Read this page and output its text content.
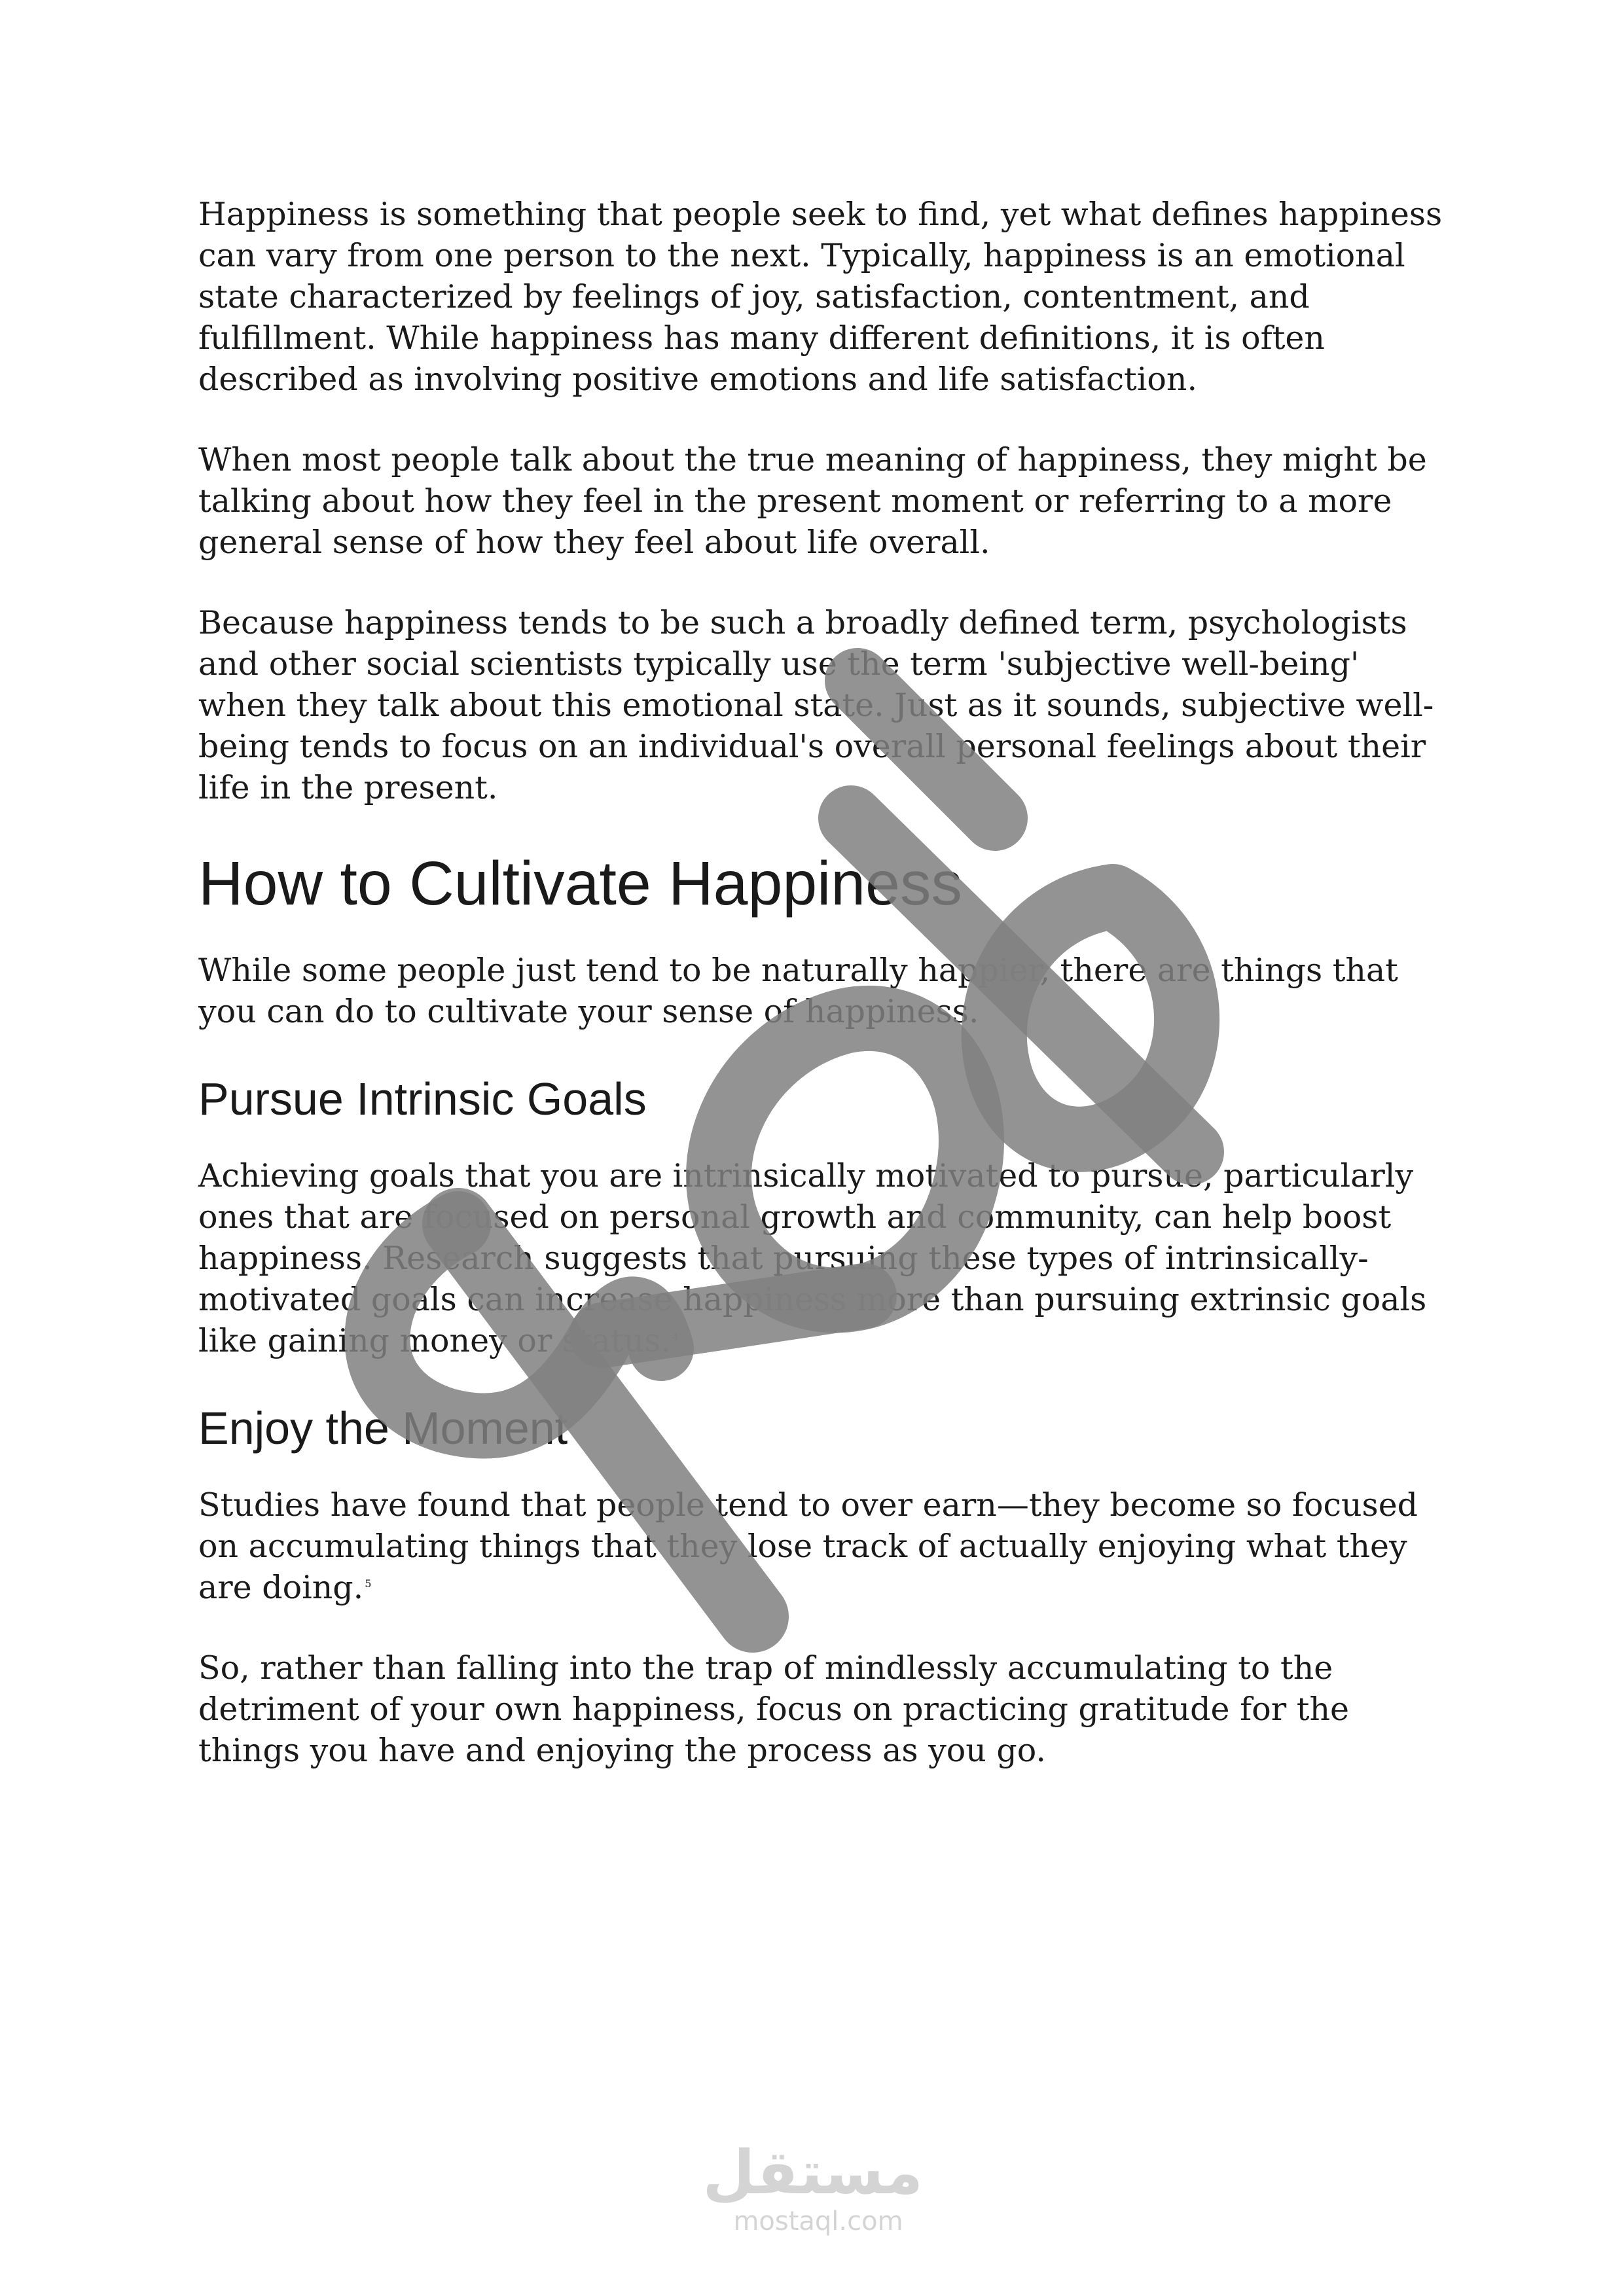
Happiness is something that people seek to find, yet what defines happiness can vary from one person to the next. Typically, happiness is an emotional state characterized by feelings of joy, satisfaction, contentment, and fulfillment. While happiness has many different definitions, it is often described as involving positive emotions and life satisfaction.

When most people talk about the true meaning of happiness, they might be talking about how they feel in the present moment or referring to a more general sense of how they feel about life overall.

Because happiness tends to be such a broadly defined term, psychologists and other social scientists typically use the term 'subjective well-being' when they talk about this emotional state. Just as it sounds, subjective well-being tends to focus on an individual's overall personal feelings about their life in the present.

How to Cultivate Happiness

While some people just tend to be naturally happier, there are things that you can do to cultivate your sense of happiness.

Pursue Intrinsic Goals

Achieving goals that you are intrinsically motivated to pursue, particularly ones that are focused on personal growth and community, can help boost happiness. Research suggests that pursuing these types of intrinsically-motivated goals can increase happiness more than pursuing extrinsic goals like gaining money or status. $^4$

Enjoy the Moment

Studies have found that people tend to over earn—they become so focused on accumulating things that they lose track of actually enjoying what they are doing. $^5$

So, rather than falling into the trap of mindlessly accumulating to the detriment of your own happiness, focus on practicing gratitude for the things you have and enjoying the process as you go.

مستقل
mostaql.com
